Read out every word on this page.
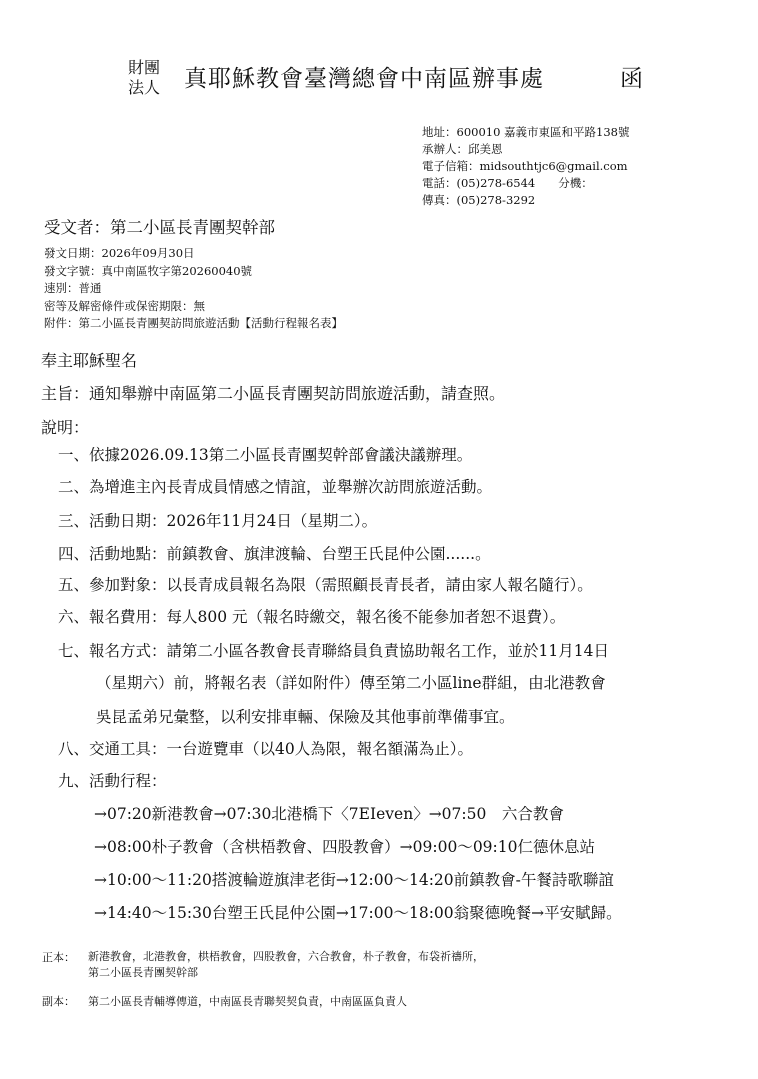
財團
法人 真耶穌教會臺灣總會中南區辦事處	函
地址：600010 嘉義市東區和平路138號
承辦人：邱美恩
電子信箱：midsouthtjc6@gmail.com
電話：(05)278-6544　　分機：
傳真：(05)278-3292
受文者：第二小區長青團契幹部
發文日期：2026年09月30日
發文字號：真中南區牧字第20260040號
速別：普通
密等及解密條件或保密期限：無
附件：第二小區長青團契訪問旅遊活動【活動行程報名表】
奉主耶穌聖名
主旨：通知舉辦中南區第二小區長青團契訪問旅遊活動，請查照。
說明：
一、依據2026.09.13第二小區長青團契幹部會議決議辦理。
二、為增進主內長青成員情感之情誼，並舉辦次訪問旅遊活動。
三、活動日期：2026年11月24日（星期二）。
四、活動地點：前鎮教會、旗津渡輪、台塑王氏昆仲公園......。
五、參加對象：以長青成員報名為限（需照顧長青長者，請由家人報名隨行）。
六、報名費用：每人800 元（報名時繳交，報名後不能參加者恕不退費）。
七、報名方式：請第二小區各教會長青聯絡員負責協助報名工作，並於11月14日
（星期六）前，將報名表（詳如附件）傳至第二小區line群組，由北港教會
吳昆孟弟兄彙整，以利安排車輛、保險及其他事前準備事宜。
八、交通工具：一台遊覽車（以40人為限，報名額滿為止）。
九、活動行程：
→07:20新港教會→07:30北港橋下〈7EIeven〉→07:50　六合教會
→08:00朴子教會（含栱梧教會、四股教會）→09:00～09:10仁德休息站
→10:00～11:20搭渡輪遊旗津老街→12:00～14:20前鎮教會-午餐詩歌聯誼
→14:40～15:30台塑王氏昆仲公園→17:00～18:00翁聚德晚餐→平安賦歸。
正本： 新港教會，北港教會，栱梧教會，四股教會，六合教會，朴子教會，布袋祈禱所，
第二小區長青團契幹部
副本： 第二小區長青輔導傳道，中南區長青聯契契負責，中南區區負責人
